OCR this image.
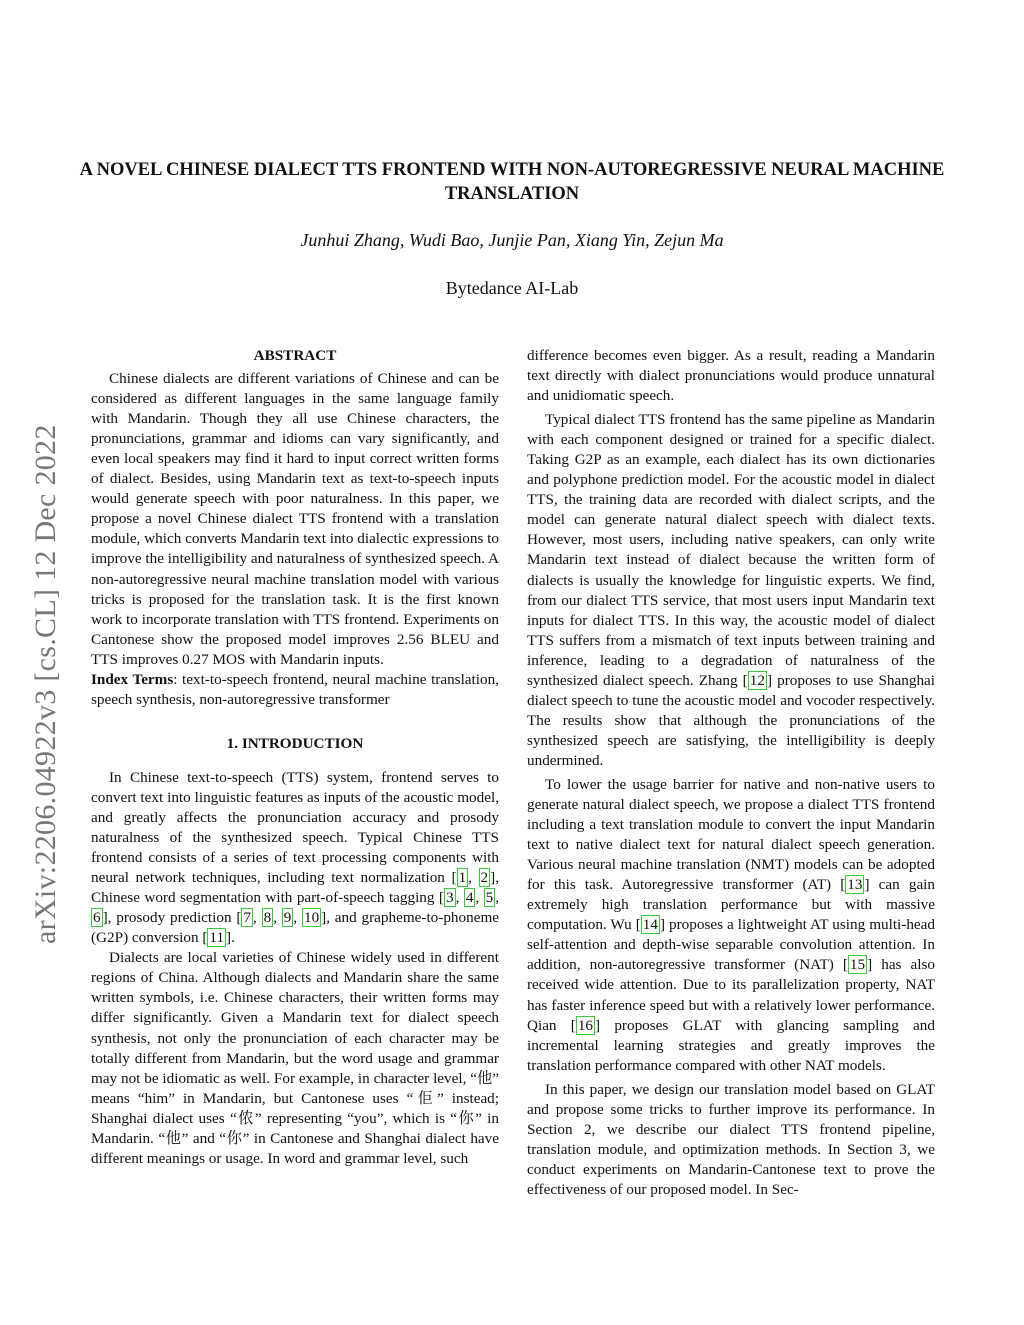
A NOVEL CHINESE DIALECT TTS FRONTEND WITH NON-AUTOREGRESSIVE NEURAL MACHINE TRANSLATION
Junhui Zhang, Wudi Bao, Junjie Pan, Xiang Yin, Zejun Ma
Bytedance AI-Lab
arXiv:2206.04922v3 [cs.CL] 12 Dec 2022
ABSTRACT

Chinese dialects are different variations of Chinese and can be considered as different languages in the same language family with Mandarin. Though they all use Chinese characters, the pronunciations, grammar and idioms can vary significantly, and even local speakers may find it hard to input correct written forms of dialect. Besides, using Mandarin text as text-to-speech inputs would generate speech with poor naturalness. In this paper, we propose a novel Chinese dialect TTS frontend with a translation module, which converts Mandarin text into dialectic expressions to improve the intelligibility and naturalness of synthesized speech. A non-autoregressive neural machine translation model with various tricks is proposed for the translation task. It is the first known work to incorporate translation with TTS frontend. Experiments on Cantonese show the proposed model improves 2.56 BLEU and TTS improves 0.27 MOS with Mandarin inputs.

Index Terms: text-to-speech frontend, neural machine translation, speech synthesis, non-autoregressive transformer

1. INTRODUCTION

In Chinese text-to-speech (TTS) system, frontend serves to convert text into linguistic features as inputs of the acoustic model, and greatly affects the pronunciation accuracy and prosody naturalness of the synthesized speech. Typical Chinese TTS frontend consists of a series of text processing components with neural network techniques, including text normalization [ 1 , 2 ], Chinese word segmentation with part-of-speech tagging [ 3 , 4 , 5 , 6 ], prosody prediction [ 7 , 8 , 9 , 10 ], and grapheme-to-phoneme (G2P) conversion [ 11 ].

Dialects are local varieties of Chinese widely used in different regions of China. Although dialects and Mandarin share the same written symbols, i.e. Chinese characters, their written forms may differ significantly. Given a Mandarin text for dialect speech synthesis, not only the pronunciation of each character may be totally different from Mandarin, but the word usage and grammar may not be idiomatic as well. For example, in character level, “他” means “him” in Mandarin, but Cantonese uses “佢” instead; Shanghai dialect uses “侬” representing “you”, which is “你” in Mandarin. “他” and “你” in Cantonese and Shanghai dialect have different meanings or usage. In word and grammar level, such

difference becomes even bigger. As a result, reading a Mandarin text directly with dialect pronunciations would produce unnatural and unidiomatic speech.

Typical dialect TTS frontend has the same pipeline as Mandarin with each component designed or trained for a specific dialect. Taking G2P as an example, each dialect has its own dictionaries and polyphone prediction model. For the acoustic model in dialect TTS, the training data are recorded with dialect scripts, and the model can generate natural dialect speech with dialect texts. However, most users, including native speakers, can only write Mandarin text instead of dialect because the written form of dialects is usually the knowledge for linguistic experts. We find, from our dialect TTS service, that most users input Mandarin text inputs for dialect TTS. In this way, the acoustic model of dialect TTS suffers from a mismatch of text inputs between training and inference, leading to a degradation of naturalness of the synthesized dialect speech. Zhang [ 12 ] proposes to use Shanghai dialect speech to tune the acoustic model and vocoder respectively. The results show that although the pronunciations of the synthesized speech are satisfying, the intelligibility is deeply undermined.

To lower the usage barrier for native and non-native users to generate natural dialect speech, we propose a dialect TTS frontend including a text translation module to convert the input Mandarin text to native dialect text for natural dialect speech generation. Various neural machine translation (NMT) models can be adopted for this task. Autoregressive transformer (AT) [ 13 ] can gain extremely high translation performance but with massive computation. Wu [ 14 ] proposes a lightweight AT using multi-head self-attention and depth-wise separable convolution attention. In addition, non-autoregressive transformer (NAT) [ 15 ] has also received wide attention. Due to its parallelization property, NAT has faster inference speed but with a relatively lower performance. Qian [ 16 ] proposes GLAT with glancing sampling and incremental learning strategies and greatly improves the translation performance compared with other NAT models.

In this paper, we design our translation model based on GLAT and propose some tricks to further improve its performance. In Section 2, we describe our dialect TTS frontend pipeline, translation module, and optimization methods. In Section 3, we conduct experiments on Mandarin-Cantonese text to prove the effectiveness of our proposed model. In Sec-
